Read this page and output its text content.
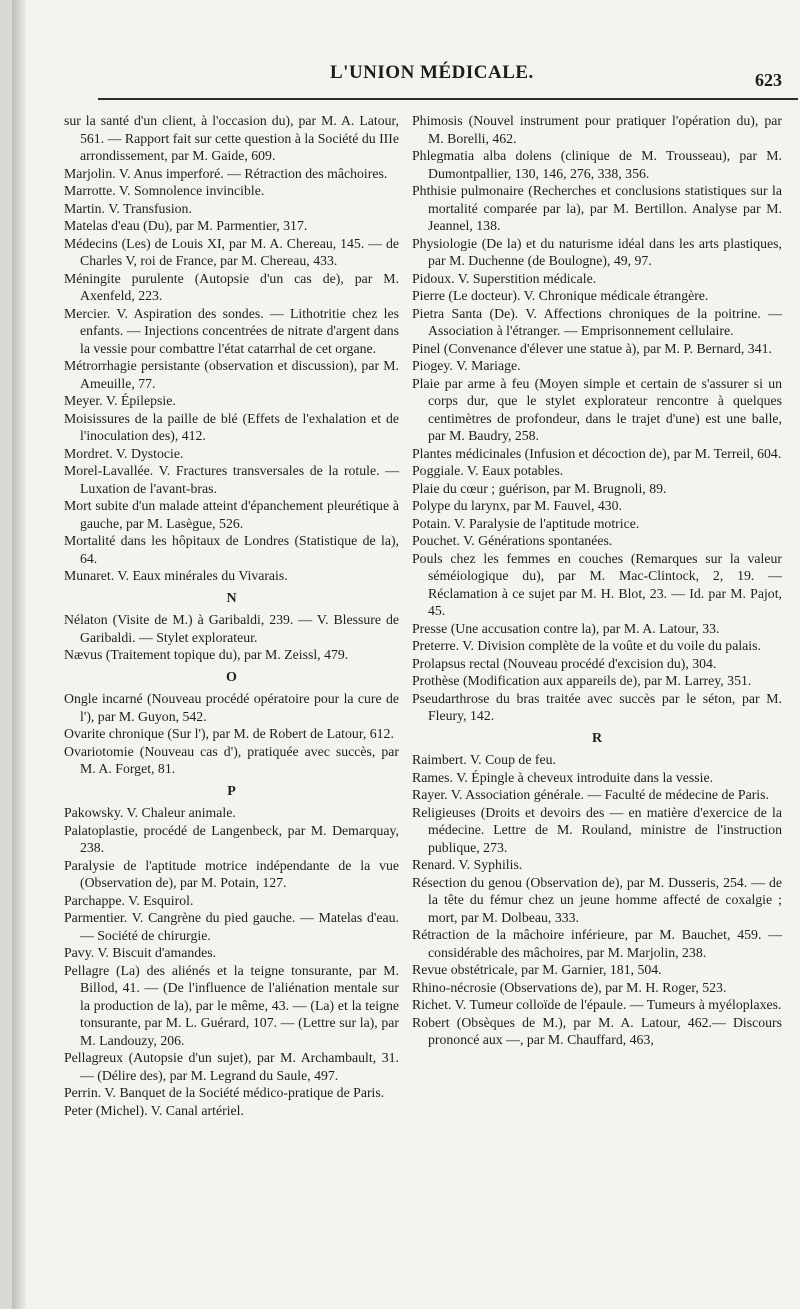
L'UNION MÉDICALE.	623

sur la santé d'un client, à l'occasion du), par M. A. Latour, 561. — Rapport fait sur cette question à la Société du IIIe arrondissement, par M. Gaide, 609.

Marjolin. V. Anus imperforé. — Rétraction des mâchoires.

Marrotte. V. Somnolence invincible.

Martin. V. Transfusion.

Matelas d'eau (Du), par M. Parmentier, 317.

Médecins (Les) de Louis XI, par M. A. Chereau, 145. — de Charles V, roi de France, par M. Chereau, 433.

Méningite purulente (Autopsie d'un cas de), par M. Axenfeld, 223.

Mercier. V. Aspiration des sondes. — Lithotritie chez les enfants. — Injections concentrées de nitrate d'argent dans la vessie pour combattre l'état catarrhal de cet organe.

Métrorrhagie persistante (observation et discussion), par M. Ameuille, 77.

Meyer. V. Épilepsie.

Moisissures de la paille de blé (Effets de l'exhalation et de l'inoculation des), 412.

Mordret. V. Dystocie.

Morel-Lavallée. V. Fractures transversales de la rotule. — Luxation de l'avant-bras.

Mort subite d'un malade atteint d'épanchement pleurétique à gauche, par M. Lasègue, 526.

Mortalité dans les hôpitaux de Londres (Statistique de la), 64.

Munaret. V. Eaux minérales du Vivarais.

N

Nélaton (Visite de M.) à Garibaldi, 239. — V. Blessure de Garibaldi. — Stylet explorateur.

Nævus (Traitement topique du), par M. Zeissl, 479.

O

Ongle incarné (Nouveau procédé opératoire pour la cure de l'), par M. Guyon, 542.

Ovarite chronique (Sur l'), par M. de Robert de Latour, 612.

Ovariotomie (Nouveau cas d'), pratiquée avec succès, par M. A. Forget, 81.

P

Pakowsky. V. Chaleur animale.

Palatoplastie, procédé de Langenbeck, par M. Demarquay, 238.

Paralysie de l'aptitude motrice indépendante de la vue (Observation de), par M. Potain, 127.

Parchappe. V. Esquirol.

Parmentier. V. Cangrène du pied gauche. — Matelas d'eau. — Société de chirurgie.

Pavy. V. Biscuit d'amandes.

Pellagre (La) des aliénés et la teigne tonsurante, par M. Billod, 41. — (De l'influence de l'aliénation mentale sur la production de la), par le même, 43. — (La) et la teigne tonsurante, par M. L. Guérard, 107. — (Lettre sur la), par M. Landouzy, 206.

Pellagreux (Autopsie d'un sujet), par M. Archambault, 31. — (Délire des), par M. Legrand du Saule, 497.

Perrin. V. Banquet de la Société médico-pratique de Paris.

Peter (Michel). V. Canal artériel.

Phimosis (Nouvel instrument pour pratiquer l'opération du), par M. Borelli, 462.

Phlegmatia alba dolens (clinique de M. Trousseau), par M. Dumontpallier, 130, 146, 276, 338, 356.

Phthisie pulmonaire (Recherches et conclusions statistiques sur la mortalité comparée par la), par M. Bertillon. Analyse par M. Jeannel, 138.

Physiologie (De la) et du naturisme idéal dans les arts plastiques, par M. Duchenne (de Boulogne), 49, 97.

Pidoux. V. Superstition médicale.

Pierre (Le docteur). V. Chronique médicale étrangère.

Pietra Santa (De). V. Affections chroniques de la poitrine. — Association à l'étranger. — Emprisonnement cellulaire.

Pinel (Convenance d'élever une statue à), par M. P. Bernard, 341.

Piogey. V. Mariage.

Plaie par arme à feu (Moyen simple et certain de s'assurer si un corps dur, que le stylet explorateur rencontre à quelques centimètres de profondeur, dans le trajet d'une) est une balle, par M. Baudry, 258.

Plantes médicinales (Infusion et décoction de), par M. Terreil, 604.

Poggiale. V. Eaux potables.

Plaie du cœur ; guérison, par M. Brugnoli, 89.

Polype du larynx, par M. Fauvel, 430.

Potain. V. Paralysie de l'aptitude motrice.

Pouchet. V. Générations spontanées.

Pouls chez les femmes en couches (Remarques sur la valeur séméiologique du), par M. Mac-Clintock, 2, 19. — Réclamation à ce sujet par M. H. Blot, 23. — Id. par M. Pajot, 45.

Presse (Une accusation contre la), par M. A. Latour, 33.

Preterre. V. Division complète de la voûte et du voile du palais.

Prolapsus rectal (Nouveau procédé d'excision du), 304.

Prothèse (Modification aux appareils de), par M. Larrey, 351.

Pseudarthrose du bras traitée avec succès par le séton, par M. Fleury, 142.

R

Raimbert. V. Coup de feu.

Rames. V. Épingle à cheveux introduite dans la vessie.

Rayer. V. Association générale. — Faculté de médecine de Paris.

Religieuses (Droits et devoirs des — en matière d'exercice de la médecine. Lettre de M. Rouland, ministre de l'instruction publique, 273.

Renard. V. Syphilis.

Résection du genou (Observation de), par M. Dusseris, 254. — de la tête du fémur chez un jeune homme affecté de coxalgie ; mort, par M. Dolbeau, 333.

Rétraction de la mâchoire inférieure, par M. Bauchet, 459. — considérable des mâchoires, par M. Marjolin, 238.

Revue obstétricale, par M. Garnier, 181, 504.

Rhino-nécrosie (Observations de), par M. H. Roger, 523.

Richet. V. Tumeur colloïde de l'épaule. — Tumeurs à myéloplaxes.

Robert (Obsèques de M.), par M. A. Latour, 462.— Discours prononcé aux —, par M. Chauffard, 463,
